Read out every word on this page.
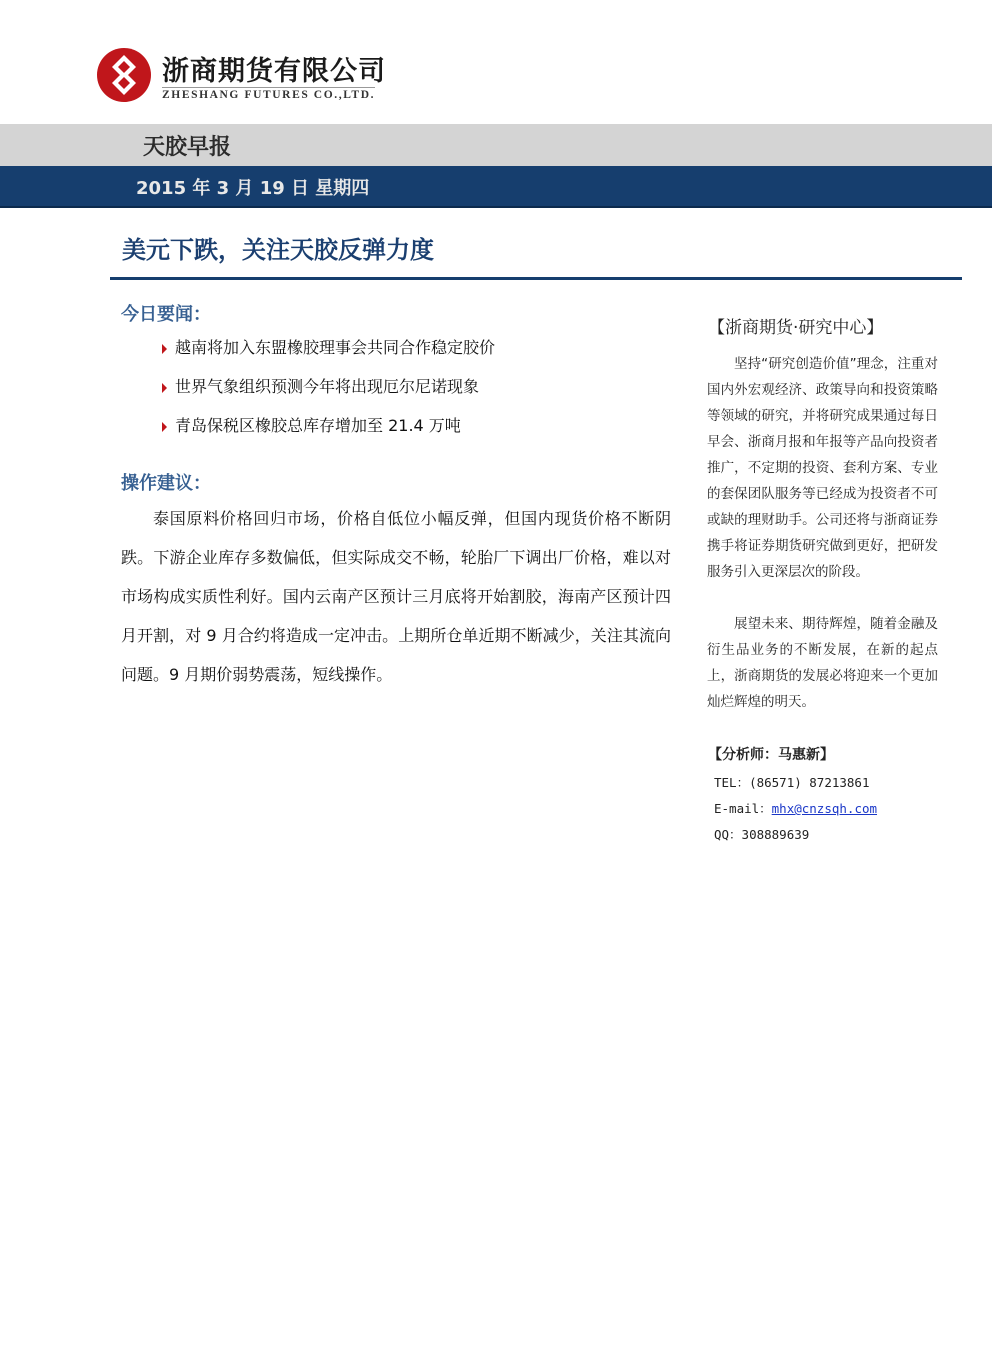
浙商期货有限公司
ZHESHANG FUTURES CO.,LTD.
天胶早报
2015 年 3 月 19 日 星期四
美元下跌，关注天胶反弹力度
今日要闻：
越南将加入东盟橡胶理事会共同合作稳定胶价
世界气象组织预测今年将出现厄尔尼诺现象
青岛保税区橡胶总库存增加至 21.4 万吨
操作建议：

泰国原料价格回归市场，价格自低位小幅反弹，但国内现货价格不断阴跌。下游企业库存多数偏低，但实际成交不畅，轮胎厂下调出厂价格，难以对市场构成实质性利好。国内云南产区预计三月底将开始割胶，海南产区预计四月开割，对 9 月合约将造成一定冲击。上期所仓单近期不断减少，关注其流向问题。9 月期价弱势震荡，短线操作。

【浙商期货·研究中心】

坚持“研究创造价值”理念，注重对国内外宏观经济、政策导向和投资策略等领域的研究，并将研究成果通过每日早会、浙商月报和年报等产品向投资者推广，不定期的投资、套利方案、专业的套保团队服务等已经成为投资者不可或缺的理财助手。公司还将与浙商证券携手将证券期货研究做到更好，把研发服务引入更深层次的阶段。

展望未来、期待辉煌，随着金融及衍生品业务的不断发展，在新的起点上，浙商期货的发展必将迎来一个更加灿烂辉煌的明天。

【分析师：马惠新】
TEL：(86571) 87213861
E-mail：mhx@cnzsqh.com
QQ：308889639
